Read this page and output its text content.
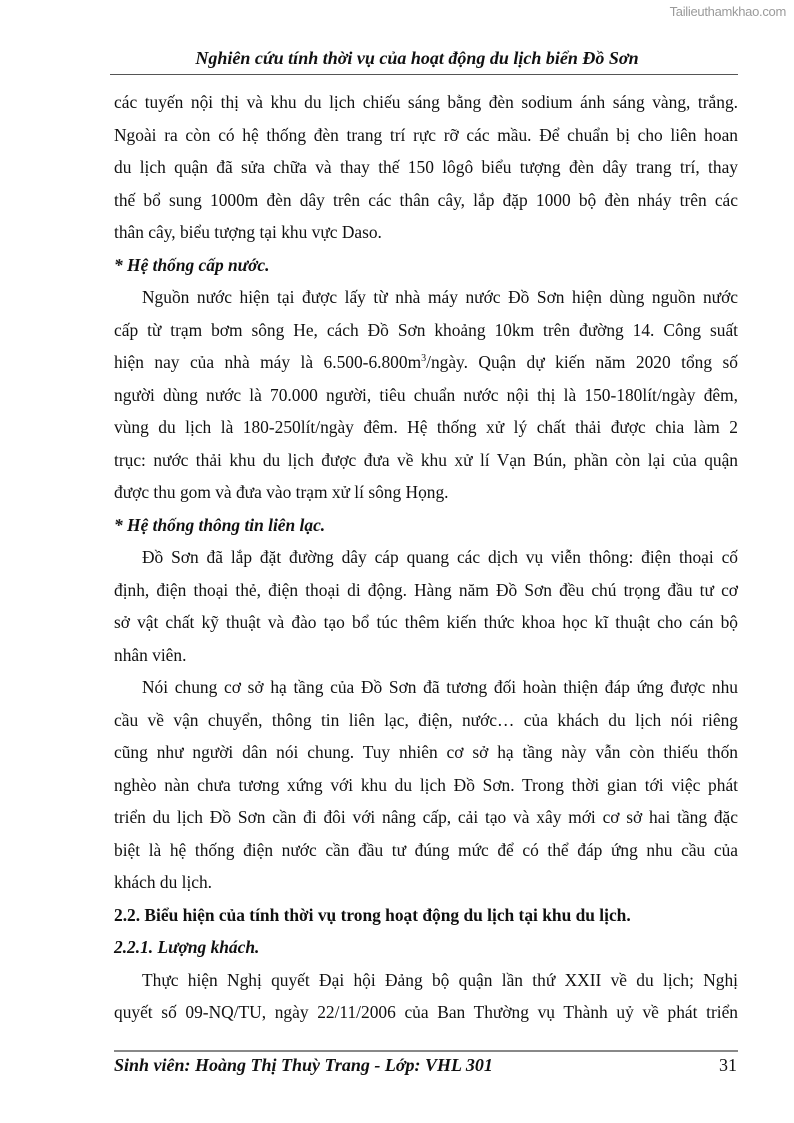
Tailieuthamkhao.com
Nghiên cứu tính thời vụ của hoạt động du lịch biển Đồ Sơn
các tuyến nội thị và khu du lịch chiếu sáng bằng đèn sodium ánh sáng vàng, trắng.
Ngoài ra còn có hệ thống đèn trang trí rực rỡ các mầu. Để chuẩn bị cho liên hoan
du lịch quận đã sửa chữa và thay thế 150 lôgô biểu tượng đèn dây trang trí, thay
thế bổ sung 1000m đèn dây trên các thân cây, lắp đặp 1000 bộ đèn nháy trên các
thân cây, biểu tượng tại khu vực Daso.
* Hệ thống cấp nước.
Nguồn nước hiện tại được lấy từ nhà máy nước Đồ Sơn hiện dùng nguồn nước
cấp từ trạm bơm sông He, cách Đồ Sơn khoảng 10km trên đường 14. Công suất
hiện nay của nhà máy là $6.500-6.800m^3$/ngày. Quận dự kiến năm 2020 tổng số
người dùng nước là 70.000 người, tiêu chuẩn nước nội thị là 150-180lít/ngày đêm,
vùng du lịch là 180-250lít/ngày đêm. Hệ thống xử lý chất thải được chia làm 2
trục: nước thải khu du lịch được đưa về khu xử lí Vạn Bún, phần còn lại của quận
được thu gom và đưa vào trạm xử lí sông Họng.
* Hệ thống thông tin liên lạc.
Đồ Sơn đã lắp đặt đường dây cáp quang các dịch vụ viễn thông: điện thoại cố
định, điện thoại thẻ, điện thoại di động. Hàng năm Đồ Sơn đều chú trọng đầu tư cơ
sở vật chất kỹ thuật và đào tạo bổ túc thêm kiến thức khoa học kĩ thuật cho cán bộ
nhân viên.
Nói chung cơ sở hạ tầng của Đồ Sơn đã tương đối hoàn thiện đáp ứng được nhu
cầu về vận chuyển, thông tin liên lạc, điện, nước… của khách du lịch nói riêng
cũng như người dân nói chung. Tuy nhiên cơ sở hạ tầng này vẫn còn thiếu thốn
nghèo nàn chưa tương xứng với khu du lịch Đồ Sơn. Trong thời gian tới việc phát
triển du lịch Đồ Sơn cần đi đôi với nâng cấp, cải tạo và xây mới cơ sở hai tầng đặc
biệt là hệ thống điện nước cần đầu tư đúng mức để có thể đáp ứng nhu cầu của
khách du lịch.
2.2. Biểu hiện của tính thời vụ trong hoạt động du lịch tại khu du lịch.
2.2.1. Lượng khách.
Thực hiện Nghị quyết Đại hội Đảng bộ quận lần thứ XXII về du lịch; Nghị
quyết số 09-NQ/TU, ngày 22/11/2006 của Ban Thường vụ Thành uỷ về phát triển
Sinh viên: Hoàng Thị Thuỳ Trang - Lớp: VHL 301	31
